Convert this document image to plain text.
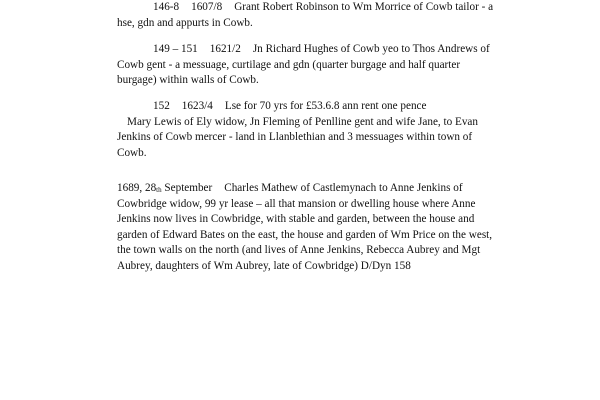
146-8 1607/8 Grant Robert Robinson to Wm Morrice of Cowb tailor - a
hse, gdn and appurts in Cowb.
149 – 151 1621/2 Jn Richard Hughes of Cowb yeo to Thos Andrews of
Cowb gent - a messuage, curtilage and gdn (quarter burgage and half quarter
burgage) within walls of Cowb.
152 1623/4 Lse for 70 yrs for £53.6.8 ann rent one pence
Mary Lewis of Ely widow, Jn Fleming of Penlline gent and wife Jane, to Evan
Jenkins of Cowb mercer - land in Llanblethian and 3 messuages within town of
Cowb.
1689, $28_{th}$ September Charles Mathew of Castlemynach to Anne Jenkins of
Cowbridge widow, 99 yr lease – all that mansion or dwelling house where Anne
Jenkins now lives in Cowbridge, with stable and garden, between the house and
garden of Edward Bates on the east, the house and garden of Wm Price on the west,
the town walls on the north (and lives of Anne Jenkins, Rebecca Aubrey and Mgt
Aubrey, daughters of Wm Aubrey, late of Cowbridge) D/Dyn 158
